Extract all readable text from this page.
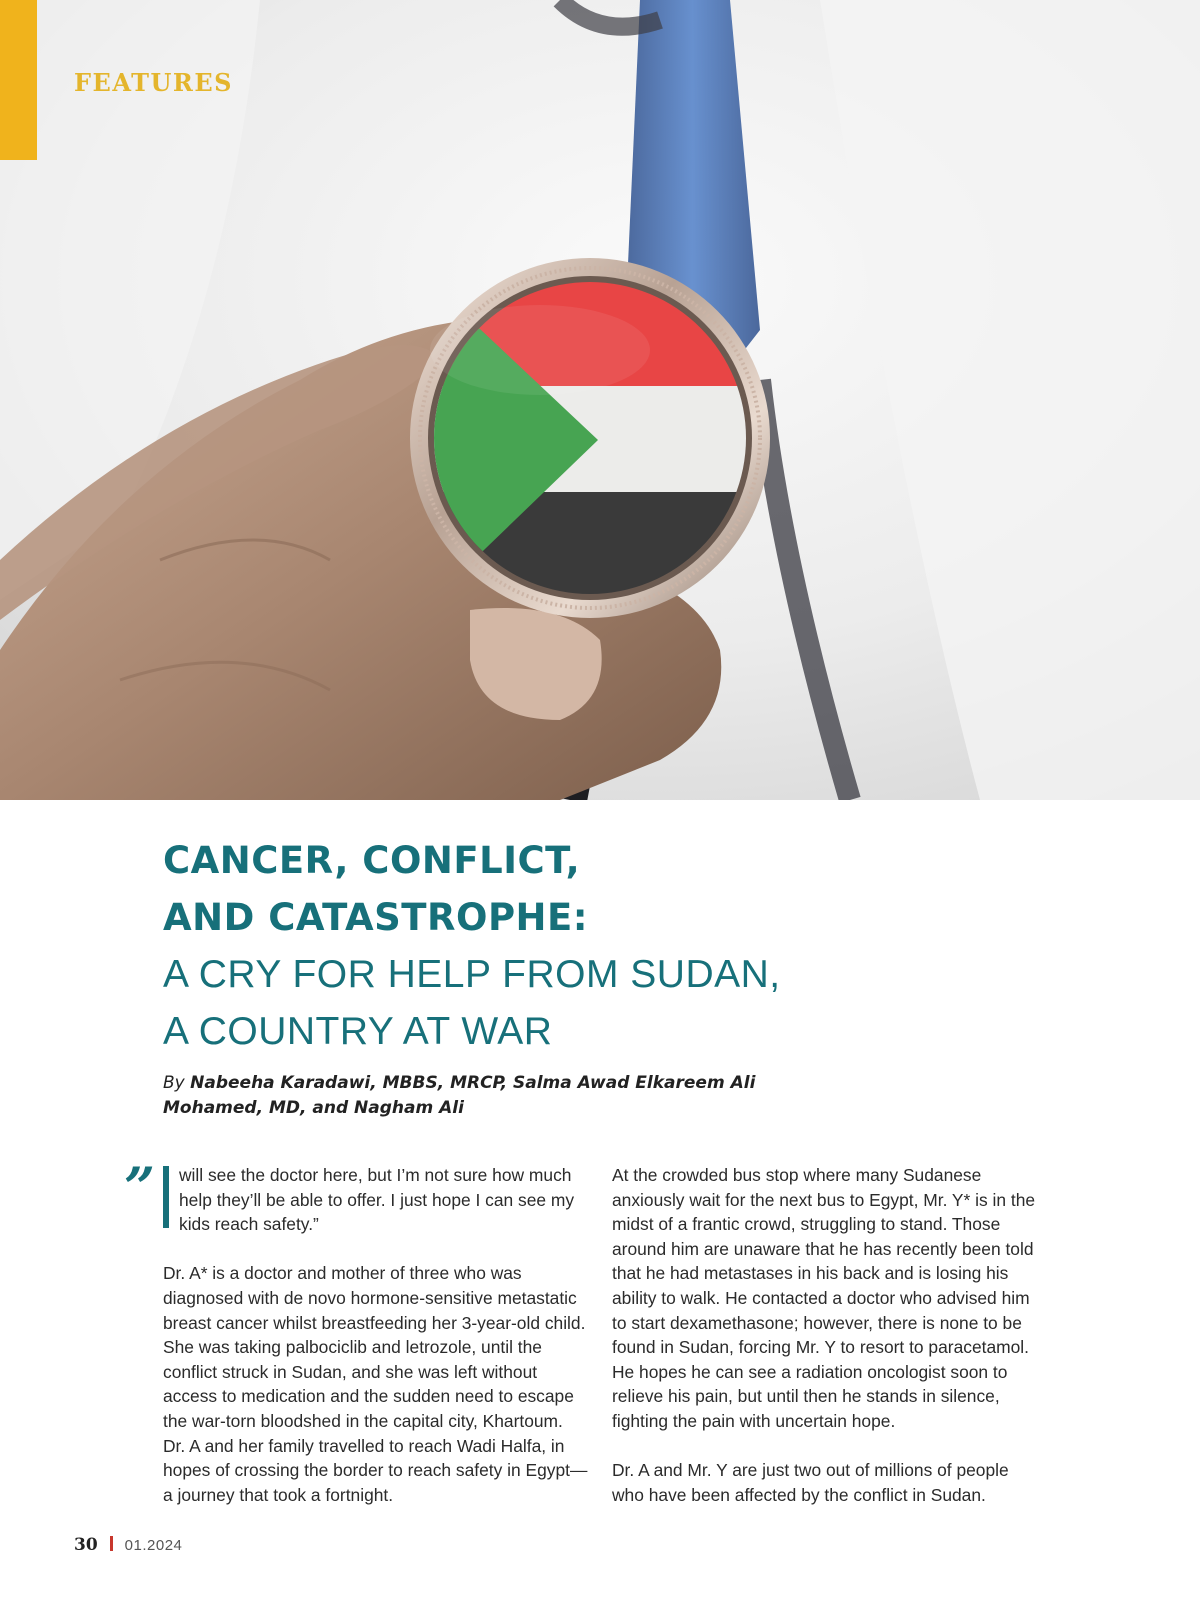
FEATURES
CANCER, CONFLICT,
AND CATASTROPHE:
A CRY FOR HELP FROM SUDAN,
A COUNTRY AT WAR
By Nabeeha Karadawi, MBBS, MRCP, Salma Awad Elkareem Ali
Mohamed, MD, and Nagham Ali
”	will see the doctor here, but I’m not sure how much help they’ll be able to offer. I just hope I can see my kids reach safety.”

Dr. A* is a doctor and mother of three who was diagnosed with de novo hormone-sensitive metastatic breast cancer whilst breastfeeding her 3-year-old child. She was taking palbociclib and letrozole, until the conflict struck in Sudan, and she was left without access to medication and the sudden need to escape the war-torn bloodshed in the capital city, Khartoum. Dr. A and her family travelled to reach Wadi Halfa, in hopes of crossing the border to reach safety in Egypt—a journey that took a fortnight.

At the crowded bus stop where many Sudanese anxiously wait for the next bus to Egypt, Mr. Y* is in the midst of a frantic crowd, struggling to stand. Those around him are unaware that he has recently been told that he had metastases in his back and is losing his ability to walk. He contacted a doctor who advised him to start dexamethasone; however, there is none to be found in Sudan, forcing Mr. Y to resort to paracetamol. He hopes he can see a radiation oncologist soon to relieve his pain, but until then he stands in silence, fighting the pain with uncertain hope.

Dr. A and Mr. Y are just two out of millions of people who have been affected by the conflict in Sudan.

30 01.2024
